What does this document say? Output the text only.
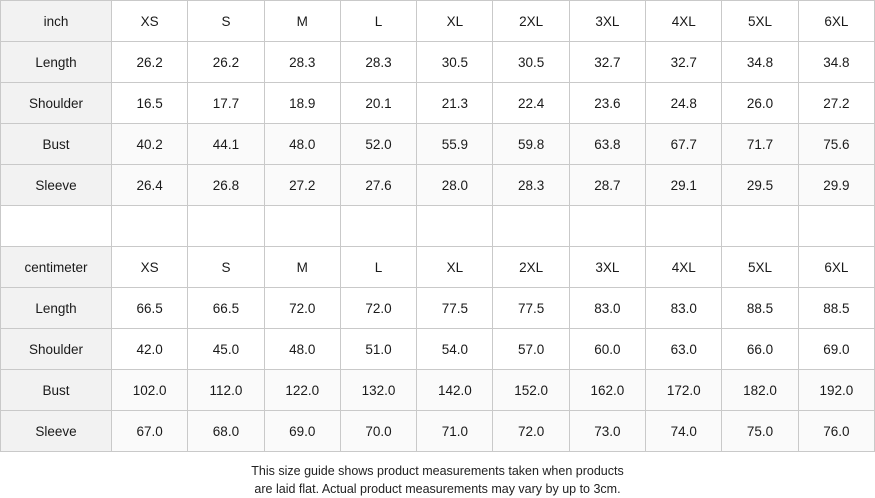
inch	XS	S	M	L	XL	2XL	3XL	4XL	5XL	6XL
Length	26.2	26.2	28.3	28.3	30.5	30.5	32.7	32.7	34.8	34.8
Shoulder	16.5	17.7	18.9	20.1	21.3	22.4	23.6	24.8	26.0	27.2
Bust	40.2	44.1	48.0	52.0	55.9	59.8	63.8	67.7	71.7	75.6
Sleeve	26.4	26.8	27.2	27.6	28.0	28.3	28.7	29.1	29.5	29.9

centimeter	XS	S	M	L	XL	2XL	3XL	4XL	5XL	6XL
Length	66.5	66.5	72.0	72.0	77.5	77.5	83.0	83.0	88.5	88.5
Shoulder	42.0	45.0	48.0	51.0	54.0	57.0	60.0	63.0	66.0	69.0
Bust	102.0	112.0	122.0	132.0	142.0	152.0	162.0	172.0	182.0	192.0
Sleeve	67.0	68.0	69.0	70.0	71.0	72.0	73.0	74.0	75.0	76.0
This size guide shows product measurements taken when products
are laid flat. Actual product measurements may vary by up to 3cm.
